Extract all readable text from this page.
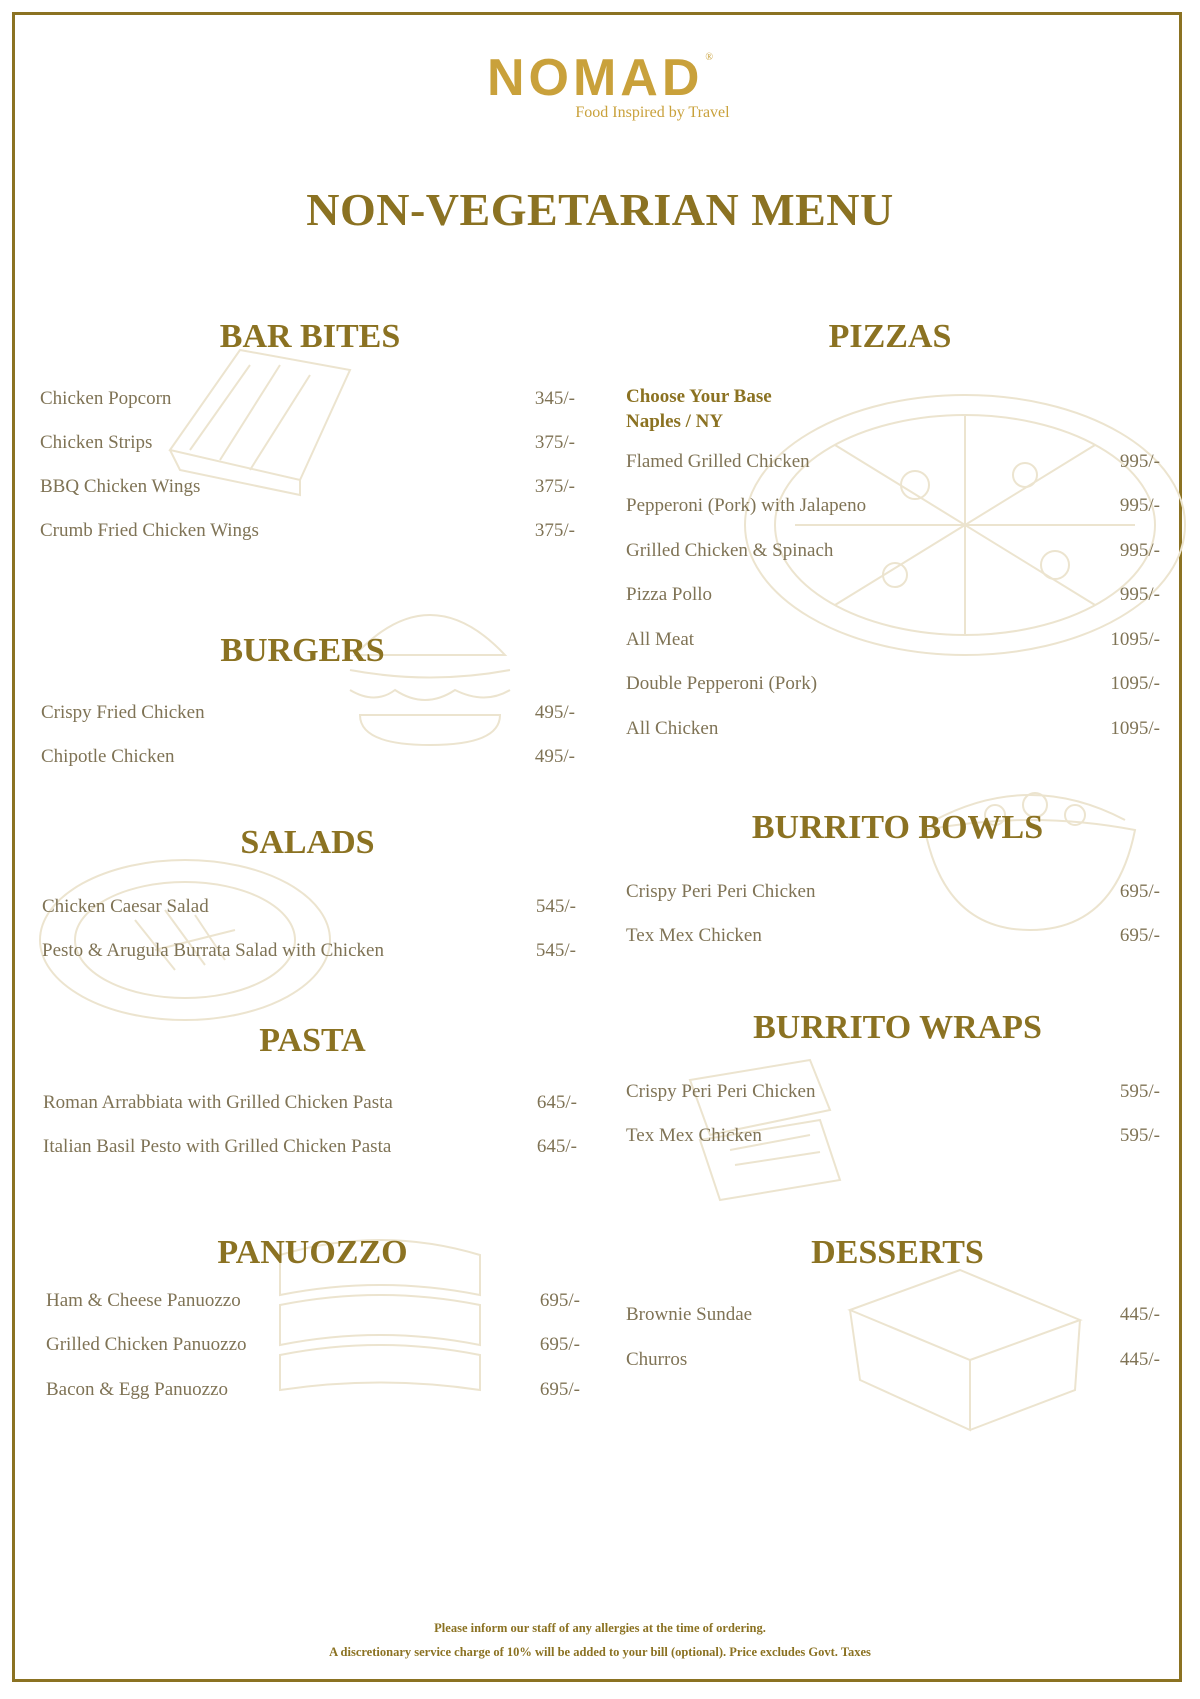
NOMAD ®
Food Inspired by Travel
NON-VEGETARIAN MENU
BAR BITES
Chicken Popcorn	345/-
Chicken Strips	375/-
BBQ Chicken Wings	375/-
Crumb Fried Chicken Wings	375/-
BURGERS
Crispy Fried Chicken	495/-
Chipotle Chicken	495/-
SALADS
Chicken Caesar Salad	545/-
Pesto & Arugula Burrata Salad with Chicken	545/-
PASTA
Roman Arrabbiata with Grilled Chicken Pasta	645/-
Italian Basil Pesto with Grilled Chicken Pasta	645/-
PANUOZZO
Ham & Cheese Panuozzo	695/-
Grilled Chicken Panuozzo	695/-
Bacon & Egg Panuozzo	695/-
PIZZAS
Choose Your Base
Naples / NY
Flamed Grilled Chicken	995/-
Pepperoni (Pork) with Jalapeno	995/-
Grilled Chicken & Spinach	995/-
Pizza Pollo	995/-
All Meat	1095/-
Double Pepperoni (Pork)	1095/-
All Chicken	1095/-
BURRITO BOWLS
Crispy Peri Peri Chicken	695/-
Tex Mex Chicken	695/-
BURRITO WRAPS
Crispy Peri Peri Chicken	595/-
Tex Mex Chicken	595/-
DESSERTS
Brownie Sundae	445/-
Churros	445/-
Please inform our staff of any allergies at the time of ordering.
A discretionary service charge of 10% will be added to your bill (optional). Price excludes Govt. Taxes
